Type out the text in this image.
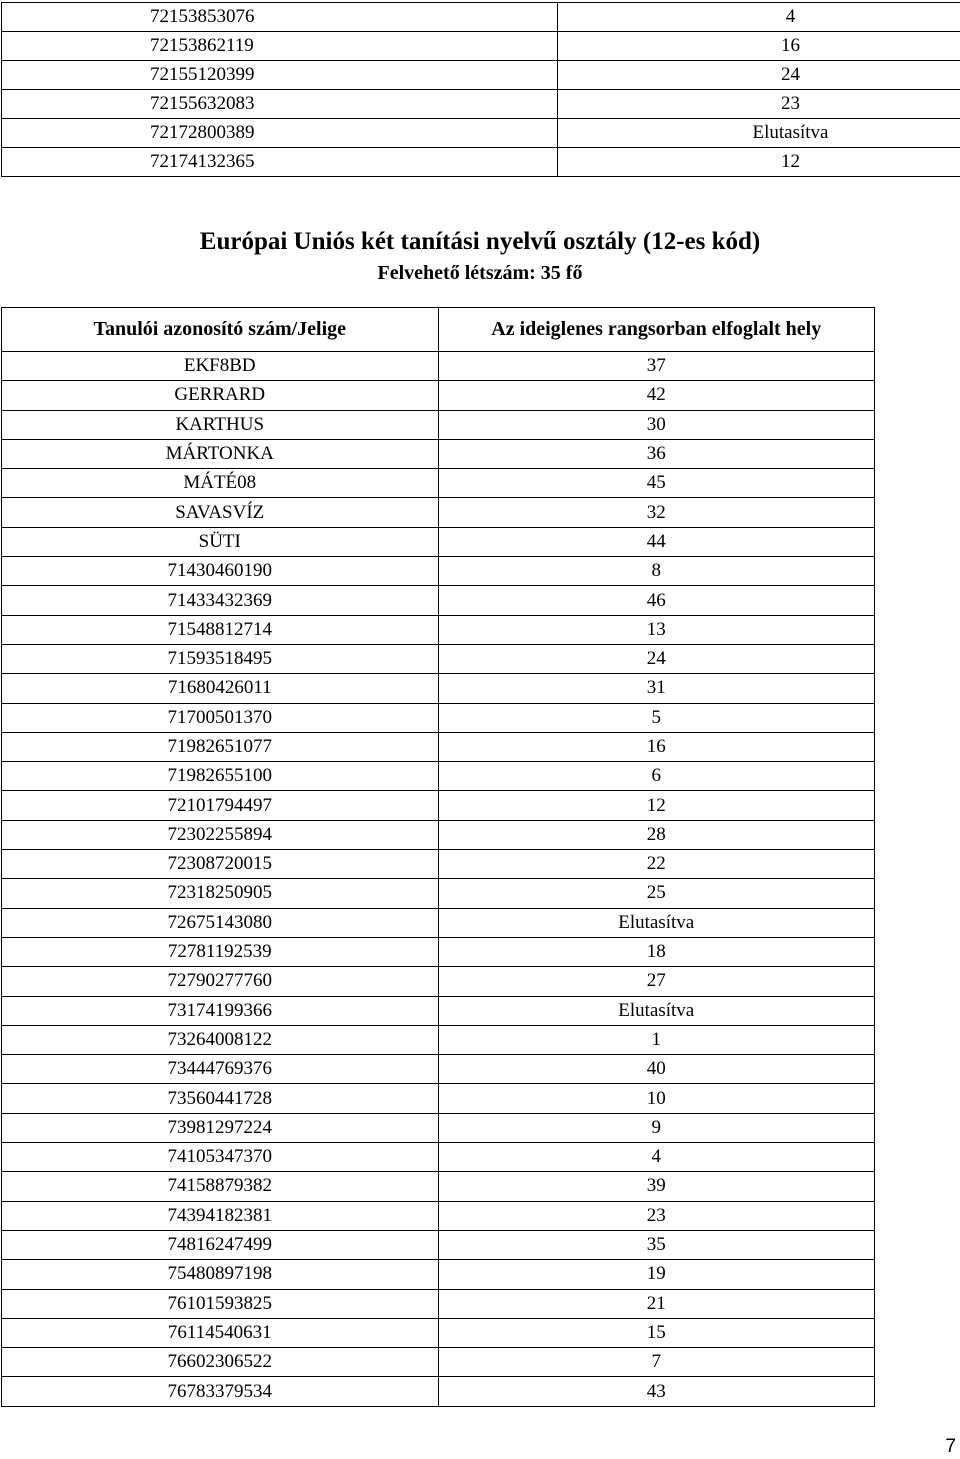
72153853076	4
72153862119	16
72155120399	24
72155632083	23
72172800389	Elutasítva
72174132365	12
Európai Uniós két tanítási nyelvű osztály (12-es kód)
Felvehető létszám: 35 fő
Tanulói azonosító szám/Jelige	Az ideiglenes rangsorban elfoglalt hely
EKF8BD	37
GERRARD	42
KARTHUS	30
MÁRTONKA	36
MÁTÉ08	45
SAVASVÍZ	32
SÜTI	44
71430460190	8
71433432369	46
71548812714	13
71593518495	24
71680426011	31
71700501370	5
71982651077	16
71982655100	6
72101794497	12
72302255894	28
72308720015	22
72318250905	25
72675143080	Elutasítva
72781192539	18
72790277760	27
73174199366	Elutasítva
73264008122	1
73444769376	40
73560441728	10
73981297224	9
74105347370	4
74158879382	39
74394182381	23
74816247499	35
75480897198	19
76101593825	21
76114540631	15
76602306522	7
76783379534	43
7
